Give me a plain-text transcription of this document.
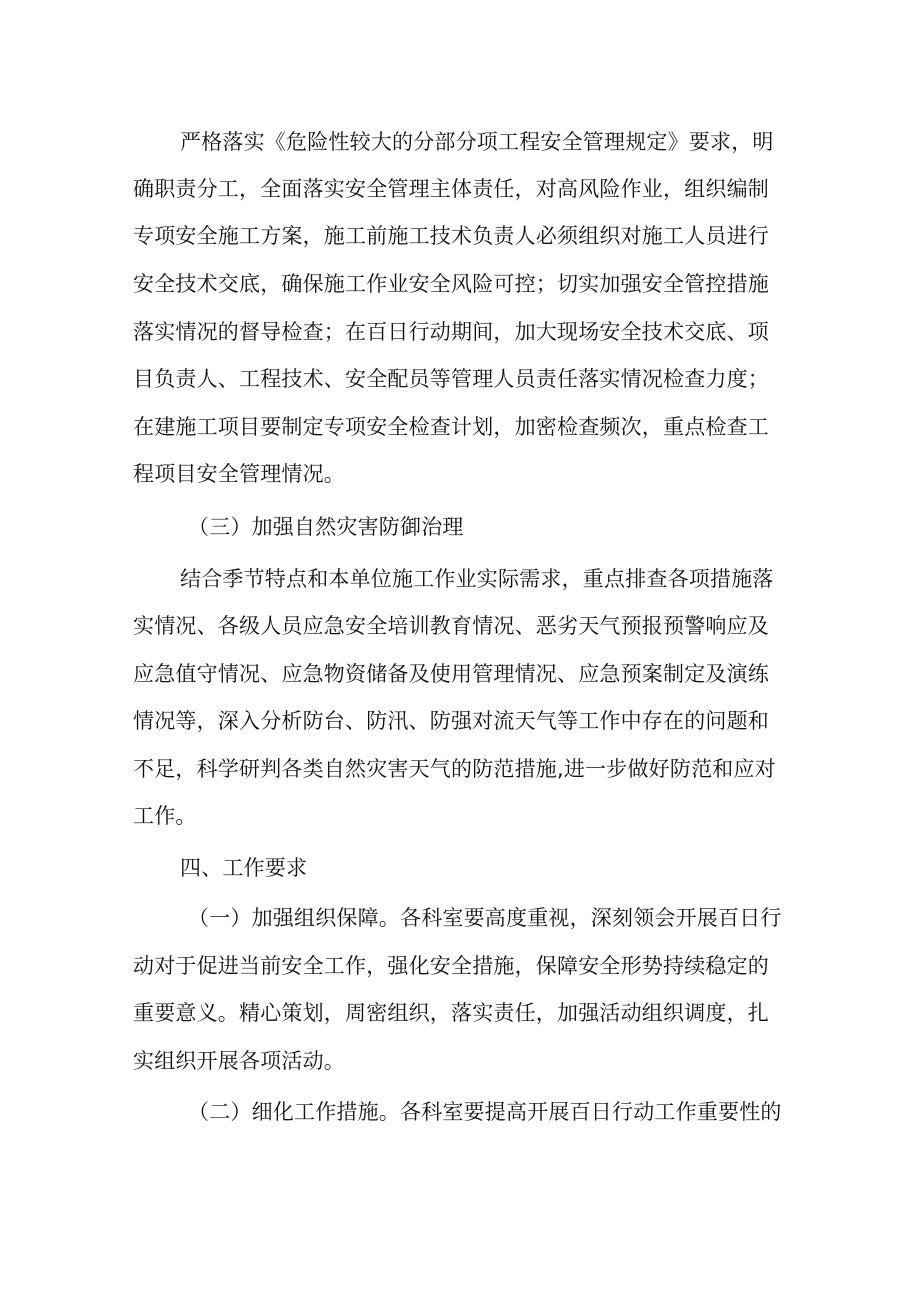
严格落实《危险性较大的分部分项工程安全管理规定》要求，明
确职责分工，全面落实安全管理主体责任，对高风险作业，组织编制
专项安全施工方案，施工前施工技术负责人必须组织对施工人员进行
安全技术交底，确保施工作业安全风险可控；切实加强安全管控措施
落实情况的督导检查；在百日行动期间，加大现场安全技术交底、项
目负责人、工程技术、安全配员等管理人员责任落实情况检查力度；
在建施工项目要制定专项安全检查计划，加密检查频次，重点检查工
程项目安全管理情况。
（三）加强自然灾害防御治理
结合季节特点和本单位施工作业实际需求，重点排查各项措施落
实情况、各级人员应急安全培训教育情况、恶劣天气预报预警响应及
应急值守情况、应急物资储备及使用管理情况、应急预案制定及演练
情况等，深入分析防台、防汛、防强对流天气等工作中存在的问题和
不足，科学研判各类自然灾害天气的防范措施,进一步做好防范和应对
工作。
四、工作要求
（一）加强组织保障。各科室要高度重视，深刻领会开展百日行
动对于促进当前安全工作，强化安全措施，保障安全形势持续稳定的
重要意义。精心策划，周密组织，落实责任，加强活动组织调度，扎
实组织开展各项活动。
（二）细化工作措施。各科室要提高开展百日行动工作重要性的
